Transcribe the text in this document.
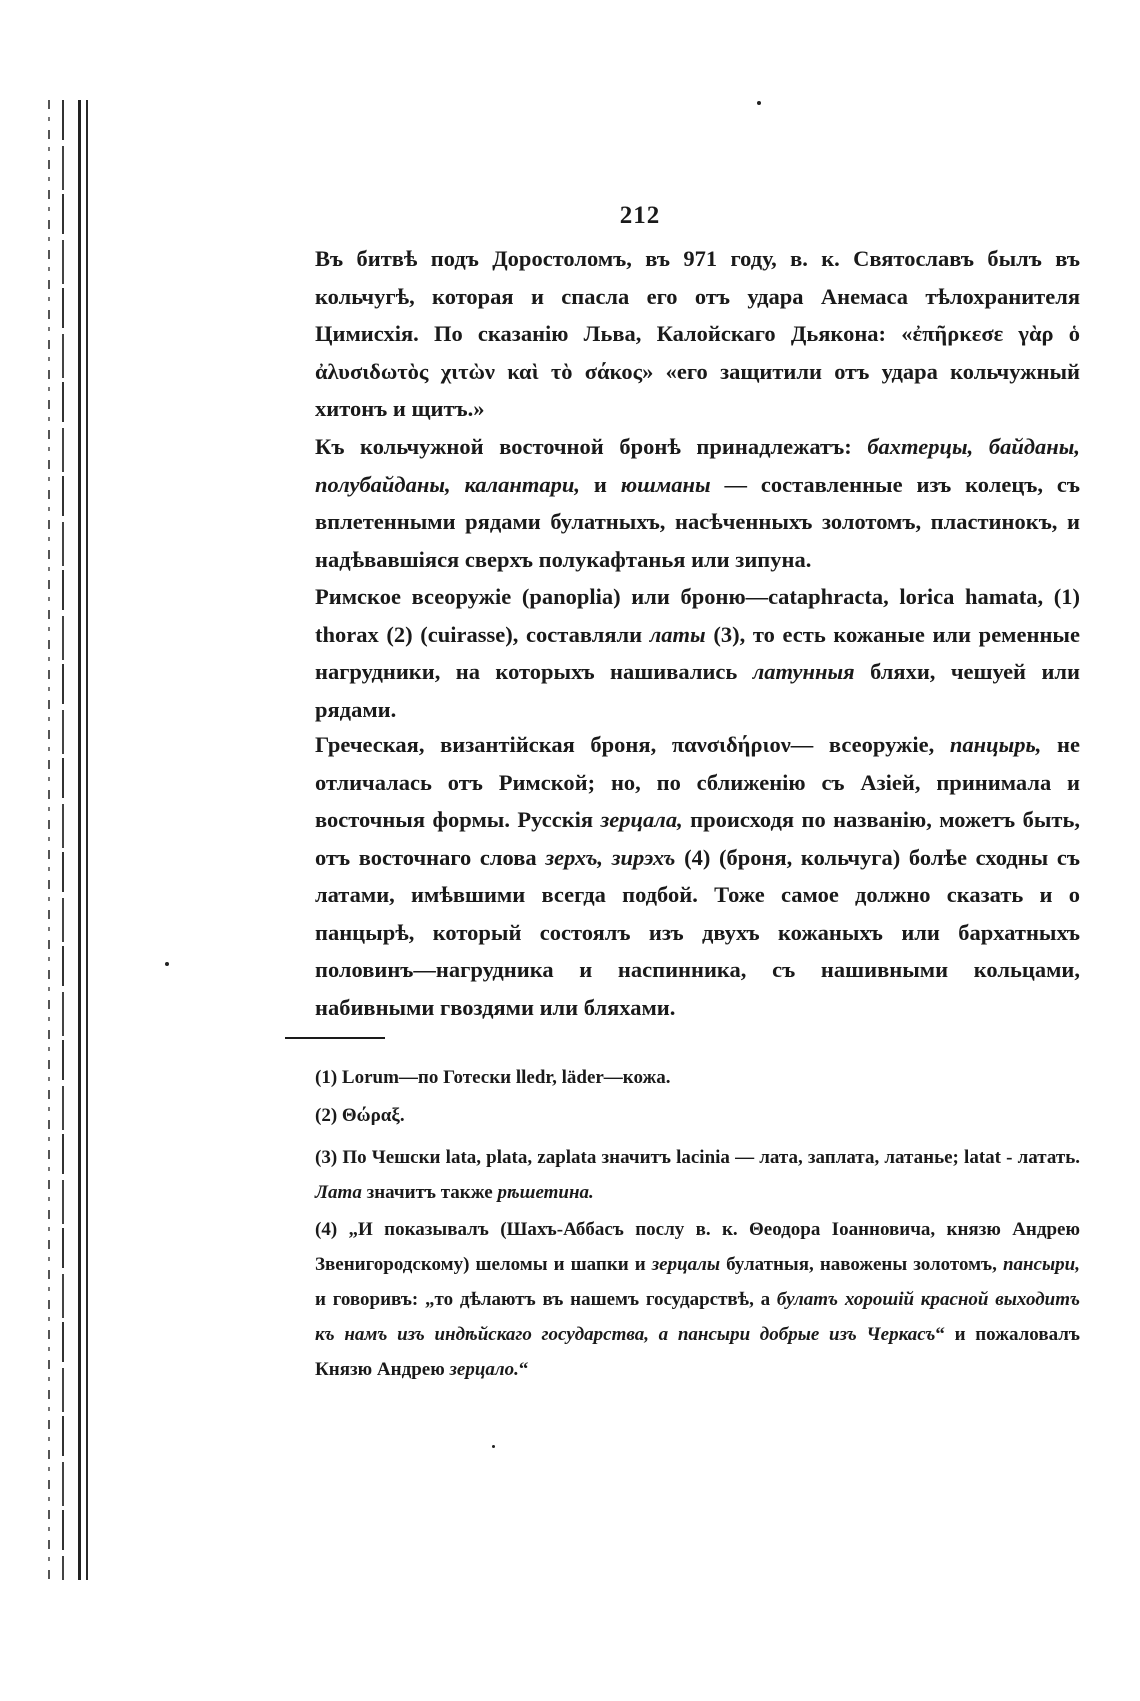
212

Въ битвѣ подъ Доростоломъ, въ 971 году, в. к. Святославъ былъ въ кольчугѣ, которая и спасла его отъ удара Анемаса тѣлохранителя Цимисхія. По сказанію Льва, Калойскаго Дьякона: «ἐπῆρκεσε γὰρ ὁ ἀλυσιδωτὸς χιτὼν καὶ τὸ σάκος» «его защитили отъ удара кольчужный хитонъ и щитъ.»

Къ кольчужной восточной бронѣ принадлежатъ: бахтерцы, байданы, полубайданы, калантари, и юшманы — составленные изъ колецъ, съ вплетенными рядами булатныхъ, насѣченныхъ золотомъ, пластинокъ, и надѣвавшіяся сверхъ полукафтанья или зипуна.

Римское всеоружіе (panoplia) или броню—cataphracta, lorica hamata, (1) thorax (2) (cuirasse), составляли латы (3), то есть кожаные или ременные нагрудники, на которыхъ нашивались латунныя бляхи, чешуей или рядами.

Греческая, византійская броня, πανσιδήριον— всеоружіе, панцырь, не отличалась отъ Римской; но, по сближенію съ Азіей, принимала и восточныя формы. Русскія зерцала, происходя по названію, можетъ быть, отъ восточнаго слова зерхъ, зирэхъ (4) (броня, кольчуга) болѣе сходны съ латами, имѣвшими всегда подбой. Тоже самое должно сказать и о панцырѣ, который состоялъ изъ двухъ кожаныхъ или бархатныхъ половинъ—нагрудника и наспинника, съ нашивными кольцами, набивными гвоздями или бляхами.

(1) Lorum—по Готески lledr, läder—кожа.
(2) Θώραξ.
(3) По Чешски lata, plata, zaplata значитъ lacinia — лата, заплата, латанье; latat - латать. Лата значитъ также рѣшетина.
(4) „И показывалъ (Шахъ-Аббасъ послу в. к. Θеодора Іоанновича, князю Андрею Звенигородскому) шеломы и шапки и зерцалы булатныя, навожены золотомъ, пансыри, и говоривъ: „то дѣлаютъ въ нашемъ государствѣ, а булатъ хорошій красной выходитъ къ намъ изъ индѣйскаго государства, а пансыри добрые изъ Черкасъ“ и пожаловалъ Князю Андрею зерцало.“
